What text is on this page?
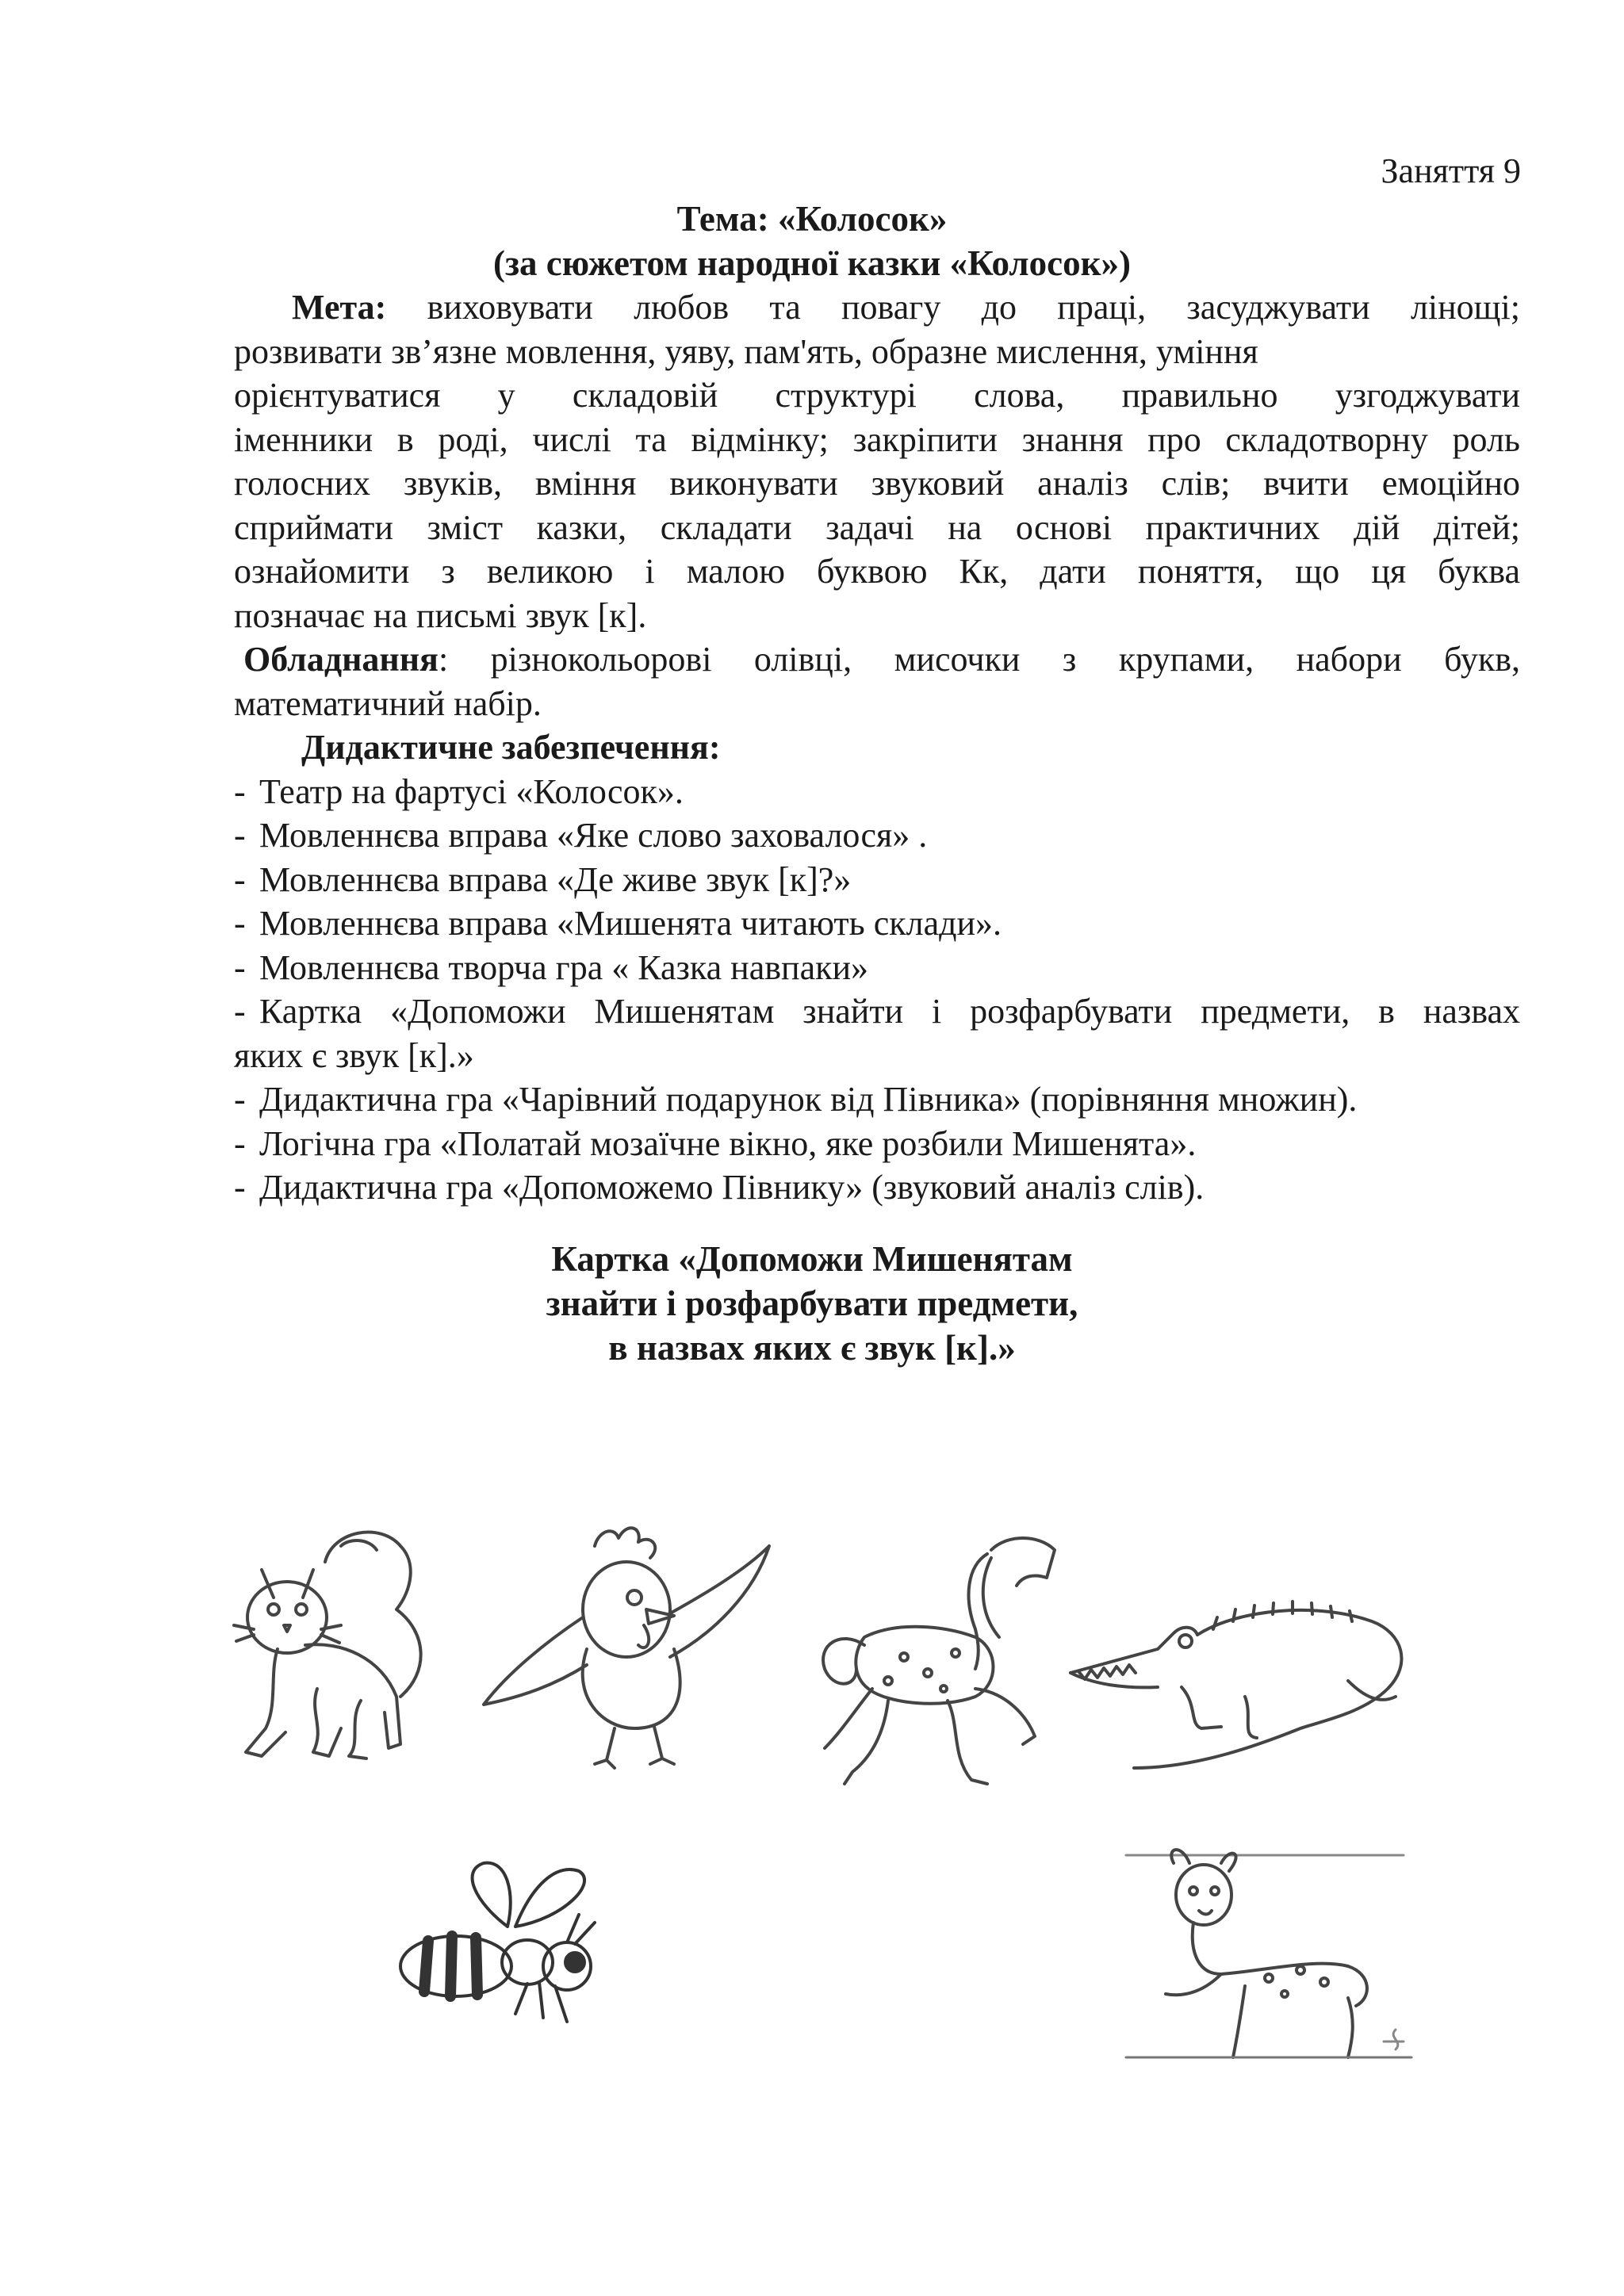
Заняття 9
Тема: «Колосок»
(за сюжетом народної казки «Колосок»)
Мета: виховувати любов та повагу до праці, засуджувати лінощі;
розвивати зв’язне мовлення, уяву, пам'ять, образне мислення, уміння
орієнтуватися у складовій структурі слова, правильно узгоджувати
іменники в роді, числі та відмінку; закріпити знання про складотворну роль
голосних звуків, вміння виконувати звуковий аналіз слів; вчити емоційно
сприймати зміст казки, складати задачі на основі практичних дій дітей;
ознайомити з великою і малою буквою Кк, дати поняття, що ця буква
позначає на письмі звук [к].
Обладнання: різнокольорові олівці, мисочки з крупами, набори букв,
математичний набір.
Дидактичне забезпечення:
- Театр на фартусі «Колосок».
- Мовленнєва вправа «Яке слово заховалося» .
- Мовленнєва вправа «Де живе звук [к]?»
- Мовленнєва вправа «Мишенята читають склади».
- Мовленнєва творча гра « Казка навпаки»
- Картка «Допоможи Мишенятам знайти і розфарбувати предмети, в назвах
яких є звук [к].»
- Дидактична гра «Чарівний подарунок від Півника» (порівняння множин).
- Логічна гра «Полатай мозаїчне вікно, яке розбили Мишенята».
- Дидактична гра «Допоможемо Півнику» (звуковий аналіз слів).
Картка «Допоможи Мишенятам
знайти і розфарбувати предмети,
в назвах яких є звук [к].»
